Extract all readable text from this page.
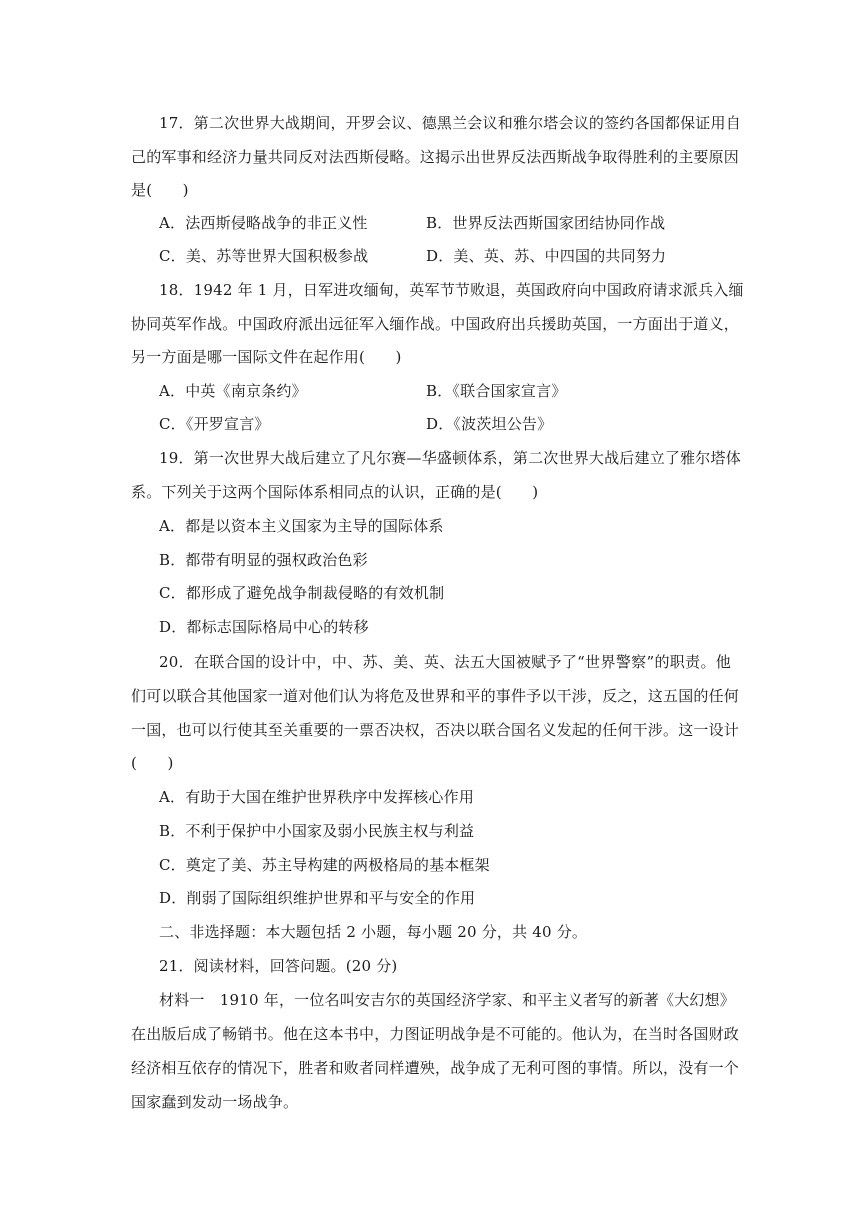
17．第二次世界大战期间，开罗会议、德黑兰会议和雅尔塔会议的签约各国都保证用自
己的军事和经济力量共同反对法西斯侵略。这揭示出世界反法西斯战争取得胜利的主要原因
是(　　)
A．法西斯侵略战争的非正义性	B．世界反法西斯国家团结协同作战
C．美、苏等世界大国积极参战	D．美、英、苏、中四国的共同努力
18．1942 年 1 月，日军进攻缅甸，英军节节败退，英国政府向中国政府请求派兵入缅
协同英军作战。中国政府派出远征军入缅作战。中国政府出兵援助英国，一方面出于道义，
另一方面是哪一国际文件在起作用(　　)
A．中英《南京条约》	B．《联合国家宣言》
C．《开罗宣言》	D．《波茨坦公告》
19．第一次世界大战后建立了凡尔赛—华盛顿体系，第二次世界大战后建立了雅尔塔体
系。下列关于这两个国际体系相同点的认识，正确的是(　　)
A．都是以资本主义国家为主导的国际体系
B．都带有明显的强权政治色彩
C．都形成了避免战争制裁侵略的有效机制
D．都标志国际格局中心的转移
20．在联合国的设计中，中、苏、美、英、法五大国被赋予了“世界警察”的职责。他
们可以联合其他国家一道对他们认为将危及世界和平的事件予以干涉，反之，这五国的任何
一国，也可以行使其至关重要的一票否决权，否决以联合国名义发起的任何干涉。这一设计
(　　)
A．有助于大国在维护世界秩序中发挥核心作用
B．不利于保护中小国家及弱小民族主权与利益
C．奠定了美、苏主导构建的两极格局的基本框架
D．削弱了国际组织维护世界和平与安全的作用
二、非选择题：本大题包括 2 小题，每小题 20 分，共 40 分。
21．阅读材料，回答问题。(20 分)
材料一　1910 年，一位名叫安吉尔的英国经济学家、和平主义者写的新著《大幻想》
在出版后成了畅销书。他在这本书中，力图证明战争是不可能的。他认为，在当时各国财政
经济相互依存的情况下，胜者和败者同样遭殃，战争成了无利可图的事情。所以，没有一个
国家蠢到发动一场战争。
